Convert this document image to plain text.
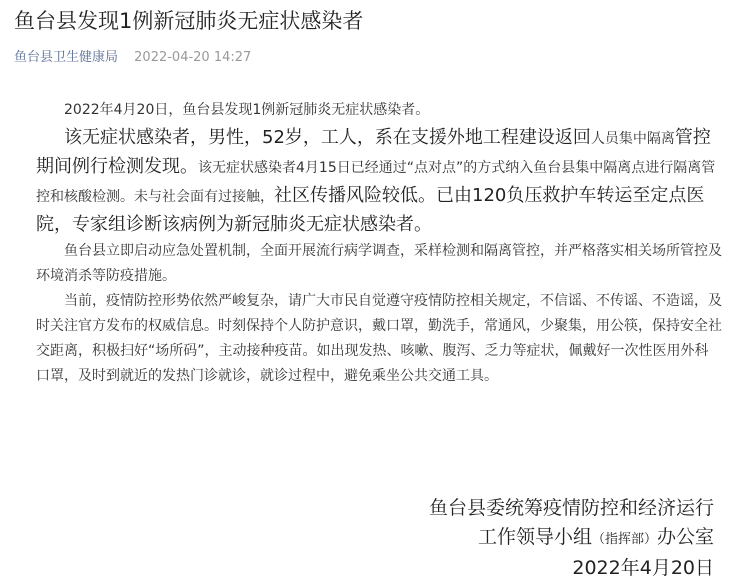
鱼台县发现1例新冠肺炎无症状感染者
鱼台县卫生健康局 2022-04-20 14:27

2022年4月20日，鱼台县发现1例新冠肺炎无症状感染者。

该无症状感染者，男性，52岁，工人，系在支援外地工程建设返回人员集中隔离管控期间例行检测发现。该无症状感染者4月15日已经通过“点对点”的方式纳入鱼台县集中隔离点进行隔离管控和核酸检测。未与社会面有过接触，社区传播风险较低。已由120负压救护车转运至定点医院，专家组诊断该病例为新冠肺炎无症状感染者。

鱼台县立即启动应急处置机制，全面开展流行病学调查，采样检测和隔离管控，并严格落实相关场所管控及环境消杀等防疫措施。

当前，疫情防控形势依然严峻复杂，请广大市民自觉遵守疫情防控相关规定，不信谣、不传谣、不造谣，及时关注官方发布的权威信息。时刻保持个人防护意识，戴口罩，勤洗手，常通风，少聚集，用公筷，保持安全社交距离，积极扫好“场所码”，主动接种疫苗。如出现发热、咳嗽、腹泻、乏力等症状，佩戴好一次性医用外科口罩，及时到就近的发热门诊就诊，就诊过程中，避免乘坐公共交通工具。

鱼台县委统筹疫情防控和经济运行
工作领导小组（指挥部）办公室
2022年4月20日
